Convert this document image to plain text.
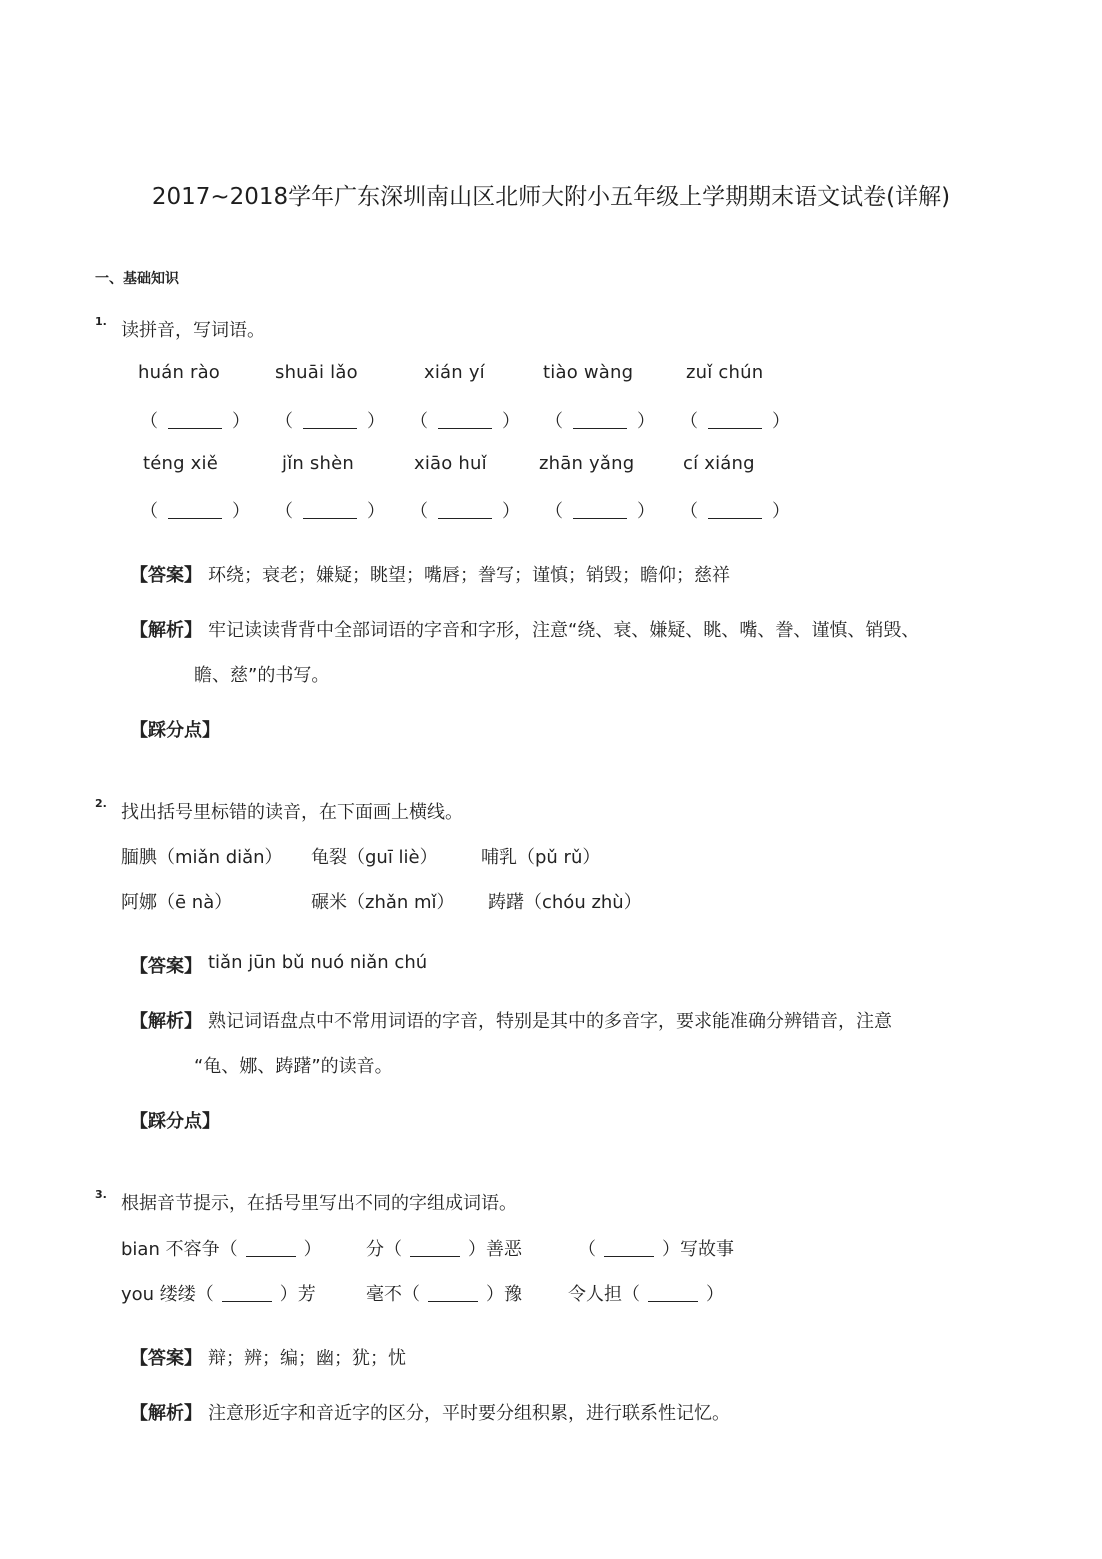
2017~2018学年广东深圳南山区北师大附小五年级上学期期末语文试卷(详解)
一、基础知识
1. 读拼音，写词语。
huán rào	shuāi lǎo	xián yí	tiào wàng	zuǐ chún
（	） （	） （	） （	） （	）
téng xiě	jǐn shèn	xiāo huǐ	zhān yǎng	cí xiáng
（	） （	） （	） （	） （	）
【答案】 环绕；衰老；嫌疑；眺望；嘴唇；誊写；谨慎；销毁；瞻仰；慈祥
【解析】 牢记读读背背中全部词语的字音和字形，注意“绕、衰、嫌疑、眺、嘴、誊、谨慎、销毁、
瞻、慈”的书写。
【踩分点】
2. 找出括号里标错的读音，在下面画上横线。
腼腆（miǎn diǎn） 龟裂（guī liè） 哺乳（pǔ rǔ）
阿娜（ē nà）	碾米（zhǎn mǐ） 踌躇（chóu zhù）
【答案】 tiǎn jūn bǔ nuó niǎn chú
【解析】 熟记词语盘点中不常用词语的字音，特别是其中的多音字，要求能准确分辨错音，注意
“龟、娜、踌躇”的读音。
【踩分点】
3. 根据音节提示，在括号里写出不同的字组成词语。
bian 不容争（	） 分（	）善恶	（	）写故事
you 缕缕（	）芳	毫不（	）豫	令人担（	）
【答案】 辩；辨；编；幽；犹；忧
【解析】 注意形近字和音近字的区分，平时要分组积累，进行联系性记忆。
